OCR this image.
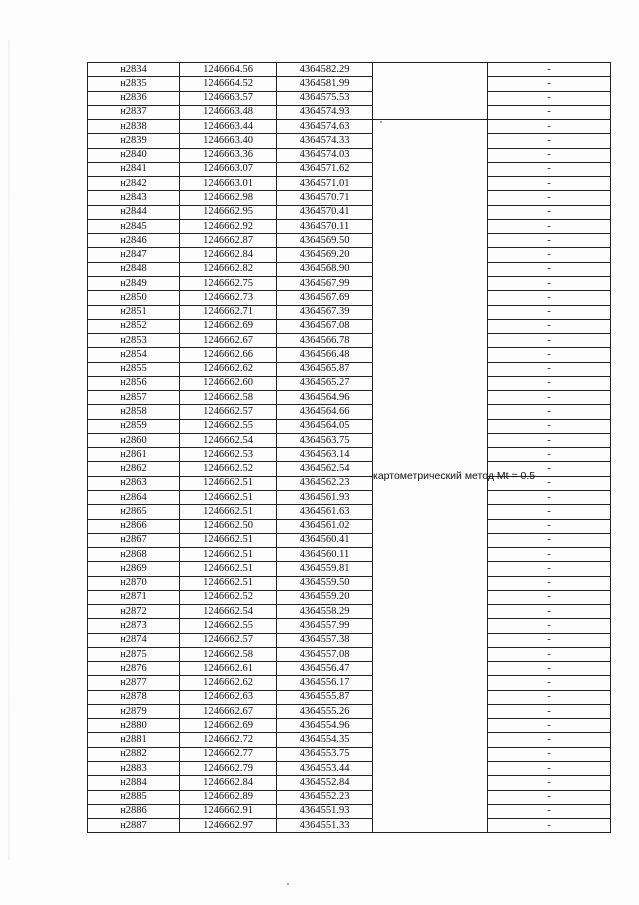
н2834	1246664.56	4364582.29		-
н2835	1246664.52	4364581.99		-
н2836	1246663.57	4364575.53		-
н2837	1246663.48	4364574.93		-
н2838	1246663.44	4364574.63	картометрический метод Mt = 0.5	-
н2839	1246663.40	4364574.33		-
н2840	1246663.36	4364574.03		-
н2841	1246663.07	4364571.62		-
н2842	1246663.01	4364571.01		-
н2843	1246662.98	4364570.71		-
н2844	1246662.95	4364570.41		-
н2845	1246662.92	4364570.11		-
н2846	1246662.87	4364569.50		-
н2847	1246662.84	4364569.20		-
н2848	1246662.82	4364568.90		-
н2849	1246662.75	4364567.99		-
н2850	1246662.73	4364567.69		-
н2851	1246662.71	4364567.39		-
н2852	1246662.69	4364567.08		-
н2853	1246662.67	4364566.78		-
н2854	1246662.66	4364566.48		-
н2855	1246662.62	4364565.87		-
н2856	1246662.60	4364565.27		-
н2857	1246662.58	4364564.96		-
н2858	1246662.57	4364564.66		-
н2859	1246662.55	4364564.05		-
н2860	1246662.54	4364563.75		-
н2861	1246662.53	4364563.14		-
н2862	1246662.52	4364562.54		-
н2863	1246662.51	4364562.23		-
н2864	1246662.51	4364561.93		-
н2865	1246662.51	4364561.63		-
н2866	1246662.50	4364561.02		-
н2867	1246662.51	4364560.41		-
н2868	1246662.51	4364560.11		-
н2869	1246662.51	4364559.81		-
н2870	1246662.51	4364559.50		-
н2871	1246662.52	4364559.20		-
н2872	1246662.54	4364558.29		-
н2873	1246662.55	4364557.99		-
н2874	1246662.57	4364557.38		-
н2875	1246662.58	4364557.08		-
н2876	1246662.61	4364556.47		-
н2877	1246662.62	4364556.17		-
н2878	1246662.63	4364555.87		-
н2879	1246662.67	4364555.26		-
н2880	1246662.69	4364554.96		-
н2881	1246662.72	4364554.35		-
н2882	1246662.77	4364553.75		-
н2883	1246662.79	4364553.44		-
н2884	1246662.84	4364552.84		-
н2885	1246662.89	4364552.23		-
н2886	1246662.91	4364551.93		-
н2887	1246662.97	4364551.33		-
